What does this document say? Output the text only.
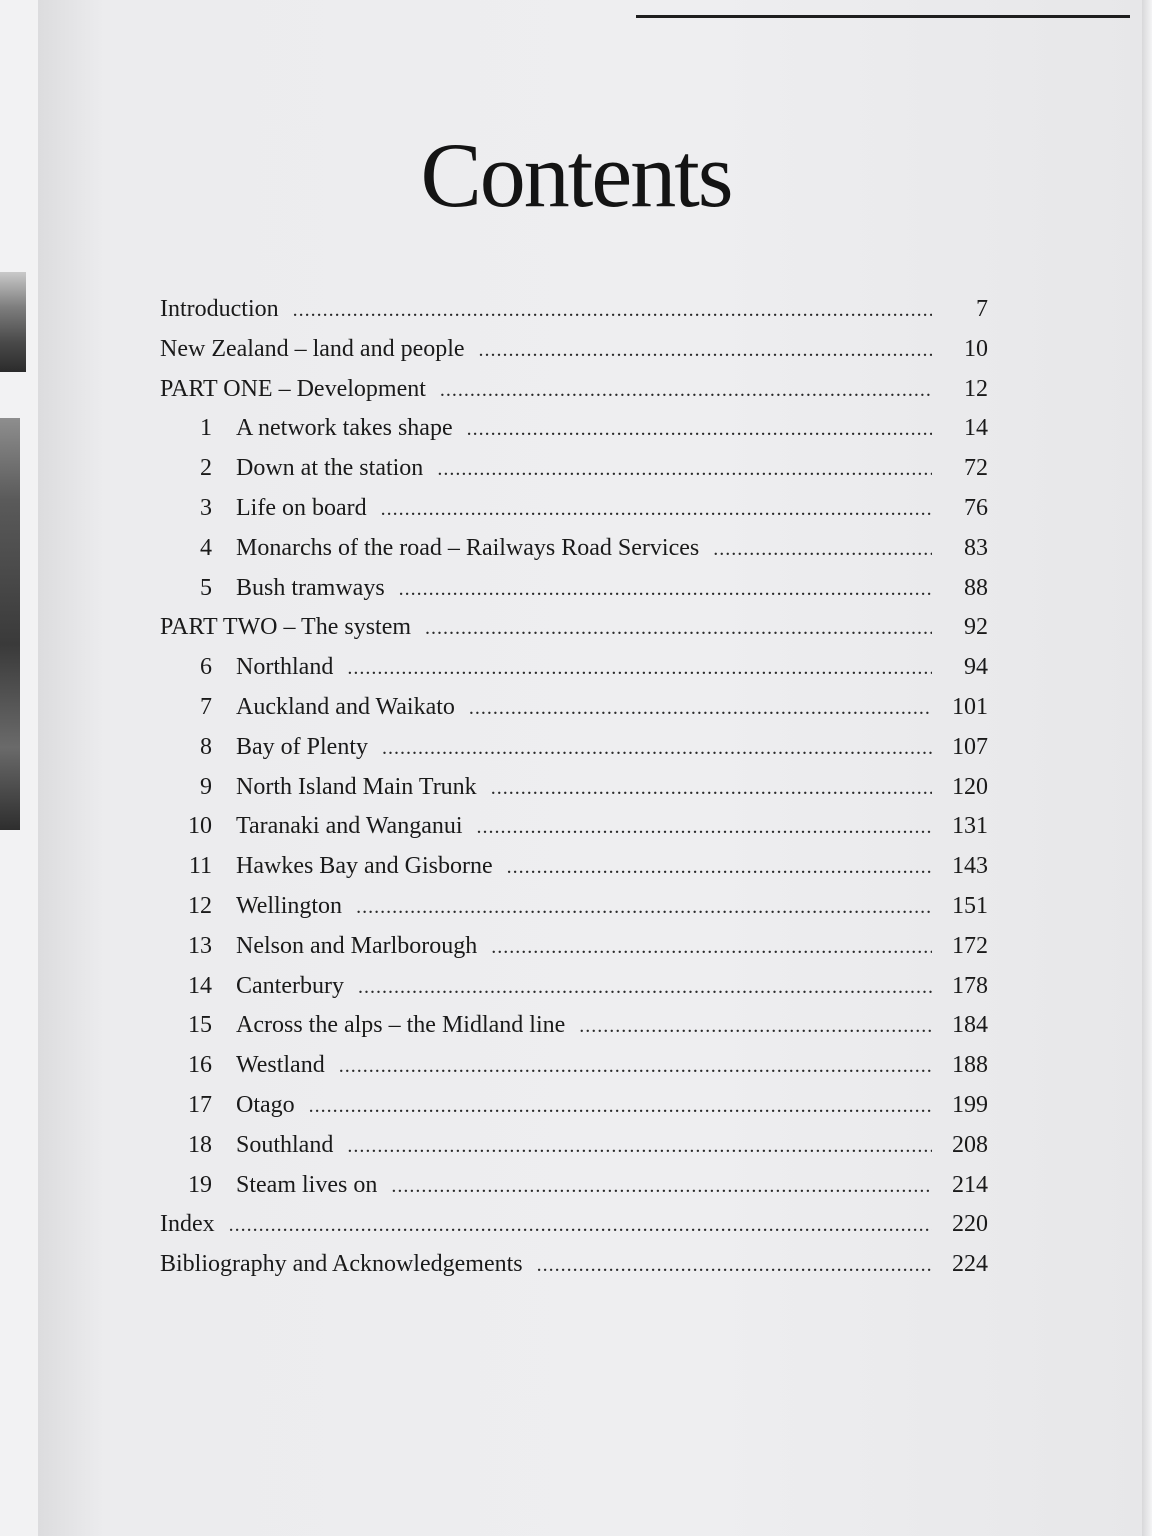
Contents
Introduction .....	7
New Zealand – land and people .....	10
PART ONE – Development .....	12
1	A network takes shape .....	14
2	Down at the station .....	72
3	Life on board .....	76
4	Monarchs of the road – Railways Road Services .....	83
5	Bush tramways .....	88
PART TWO – The system .....	92
6	Northland .....	94
7	Auckland and Waikato .....	101
8	Bay of Plenty .....	107
9	North Island Main Trunk .....	120
10	Taranaki and Wanganui .....	131
11	Hawkes Bay and Gisborne .....	143
12	Wellington .....	151
13	Nelson and Marlborough .....	172
14	Canterbury .....	178
15	Across the alps – the Midland line .....	184
16	Westland .....	188
17	Otago .....	199
18	Southland .....	208
19	Steam lives on .....	214
Index .....	220
Bibliography and Acknowledgements .....	224
